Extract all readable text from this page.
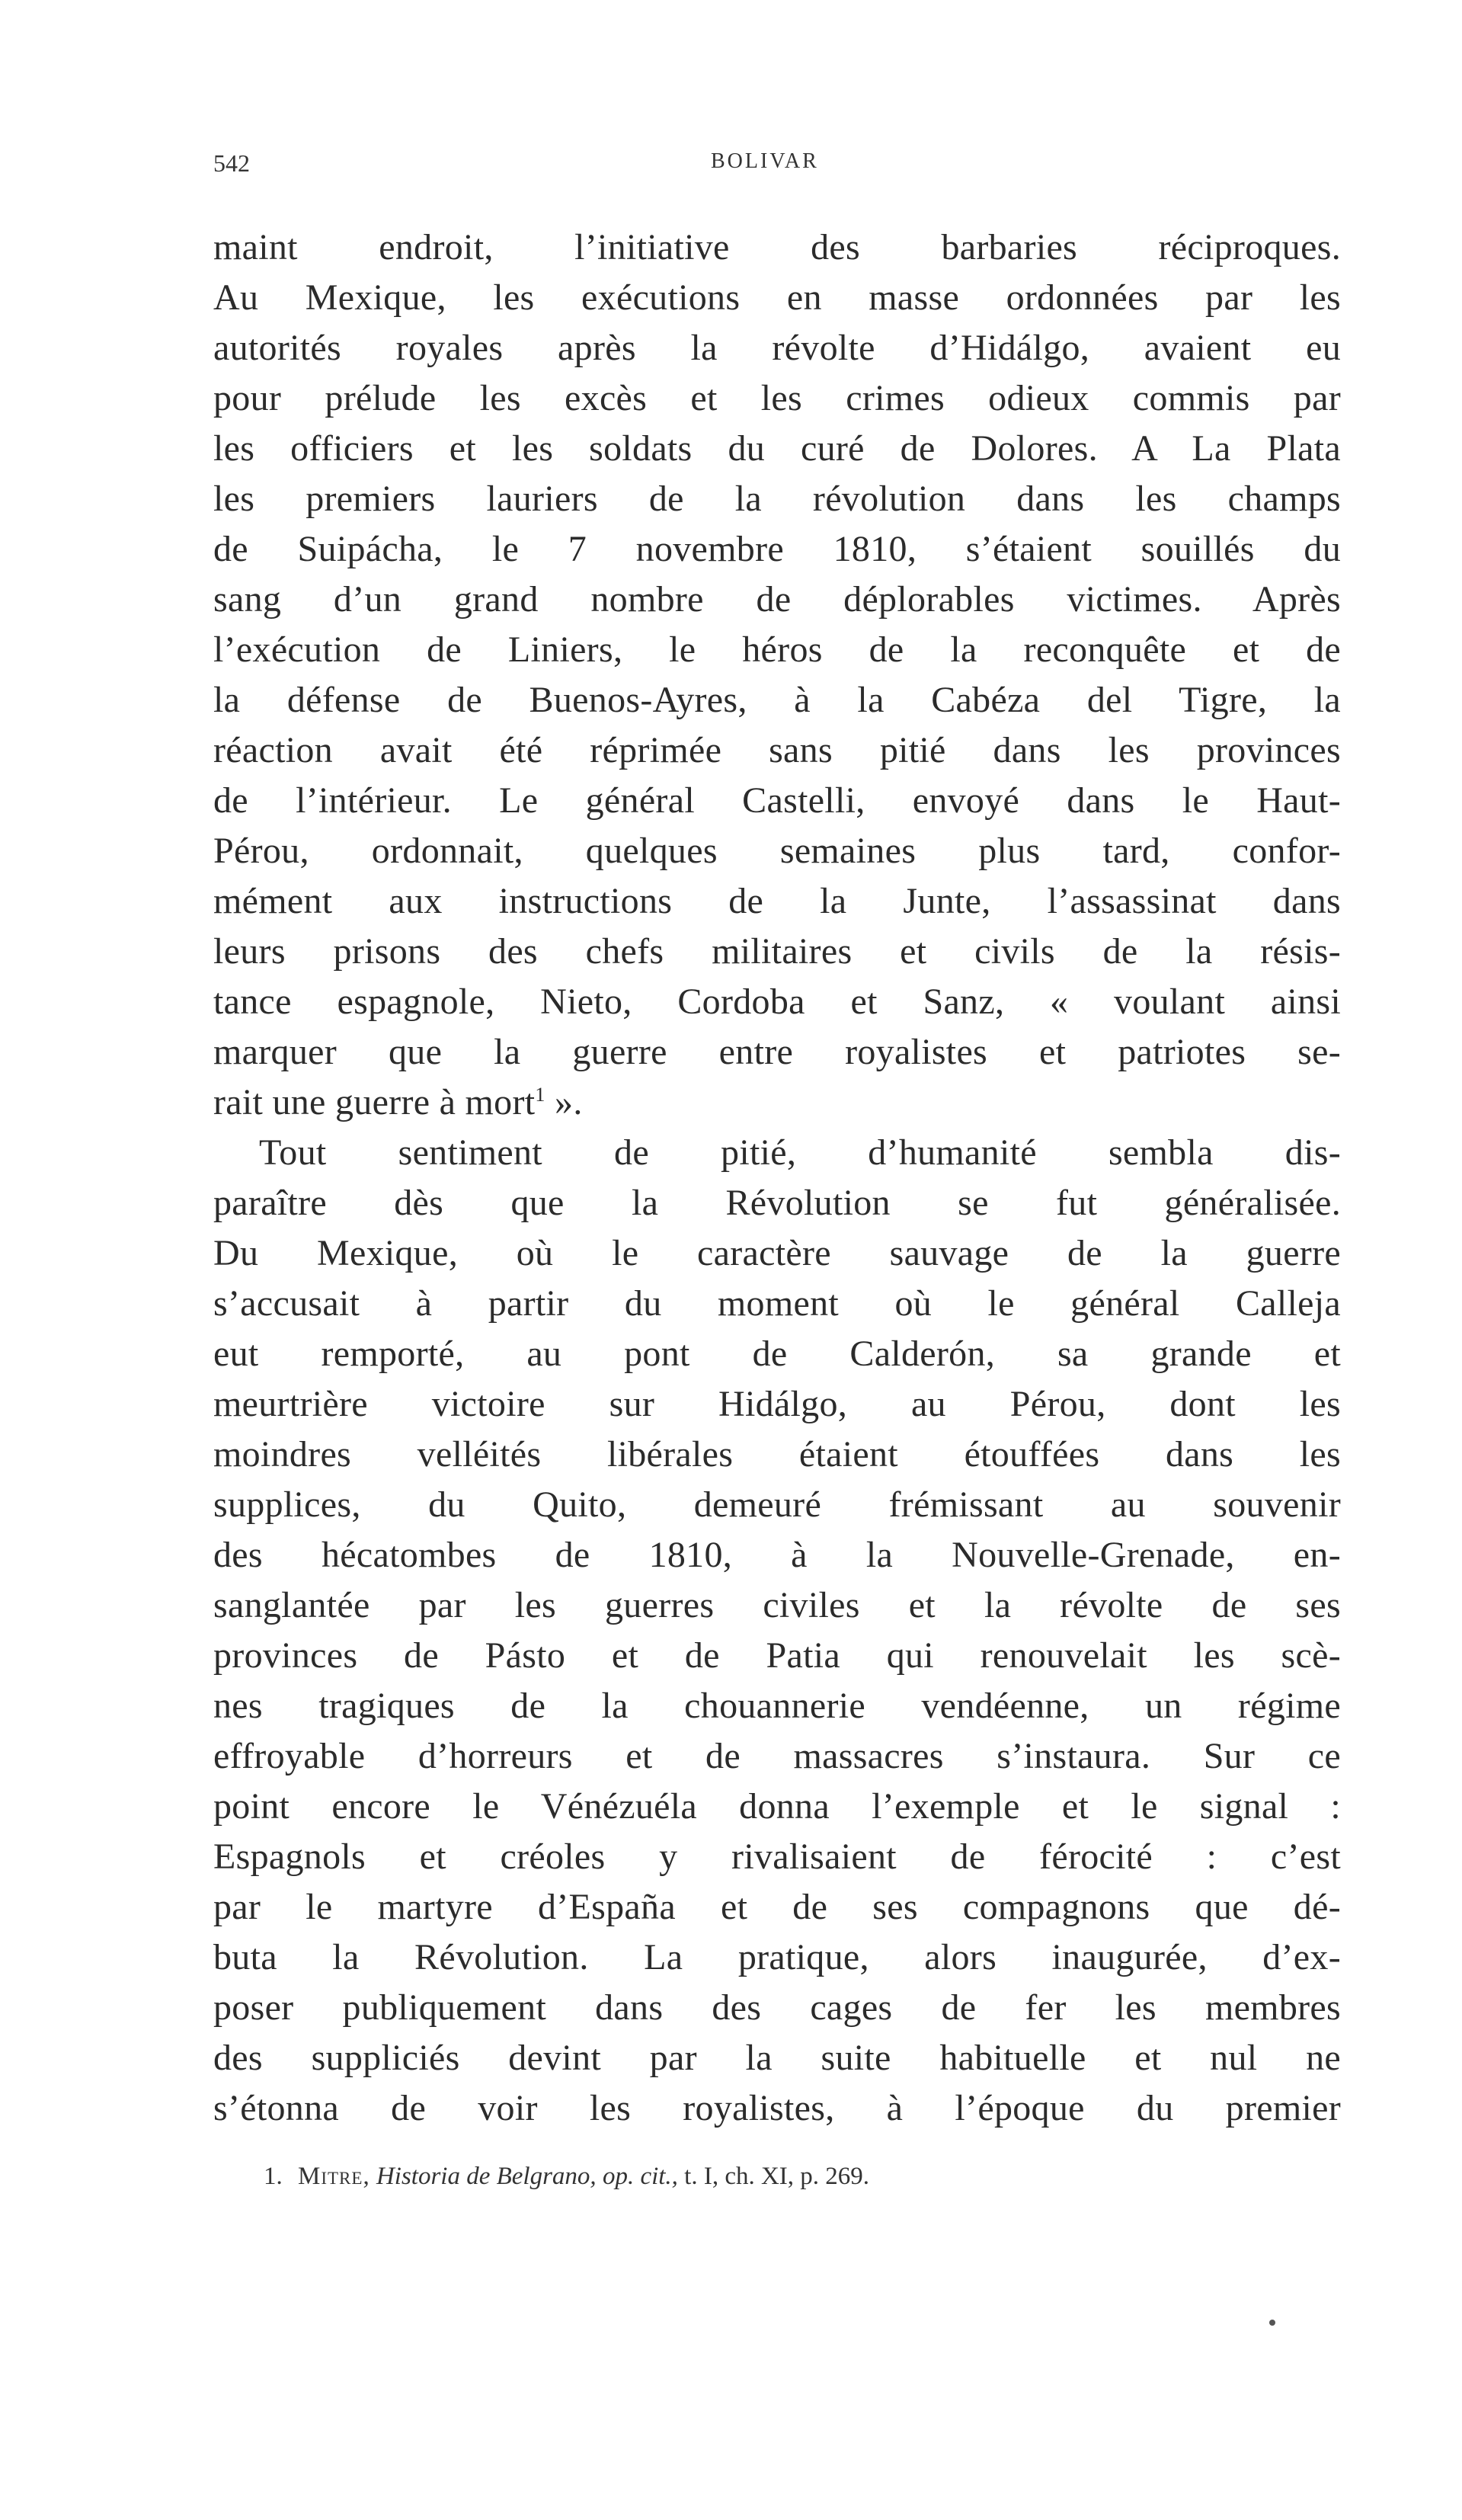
542	BOLIVAR
maint endroit, l’initiative des barbaries réciproques.
Au Mexique, les exécutions en masse ordonnées par les
autorités royales après la révolte d’Hidálgo, avaient eu
pour prélude les excès et les crimes odieux commis par
les officiers et les soldats du curé de Dolores. A La Plata
les premiers lauriers de la révolution dans les champs
de Suipácha, le 7 novembre 1810, s’étaient souillés du
sang d’un grand nombre de déplorables victimes. Après
l’exécution de Liniers, le héros de la reconquête et de
la défense de Buenos-Ayres, à la Cabéza del Tigre, la
réaction avait été réprimée sans pitié dans les provinces
de l’intérieur. Le général Castelli, envoyé dans le Haut-
Pérou, ordonnait, quelques semaines plus tard, confor-
mément aux instructions de la Junte, l’assassinat dans
leurs prisons des chefs militaires et civils de la résis-
tance espagnole, Nieto, Cordoba et Sanz, « voulant ainsi
marquer que la guerre entre royalistes et patriotes se-
rait une guerre à mort$^1$ ».
Tout sentiment de pitié, d’humanité sembla dis-
paraître dès que la Révolution se fut généralisée.
Du Mexique, où le caractère sauvage de la guerre
s’accusait à partir du moment où le général Calleja
eut remporté, au pont de Calderón, sa grande et
meurtrière victoire sur Hidálgo, au Pérou, dont les
moindres velléités libérales étaient étouffées dans les
supplices, du Quito, demeuré frémissant au souvenir
des hécatombes de 1810, à la Nouvelle-Grenade, en-
sanglantée par les guerres civiles et la révolte de ses
provinces de Pásto et de Patia qui renouvelait les scè-
nes tragiques de la chouannerie vendéenne, un régime
effroyable d’horreurs et de massacres s’instaura. Sur ce
point encore le Vénézuéla donna l’exemple et le signal :
Espagnols et créoles y rivalisaient de férocité : c’est
par le martyre d’España et de ses compagnons que dé-
buta la Révolution. La pratique, alors inaugurée, d’ex-
poser publiquement dans des cages de fer les membres
des suppliciés devint par la suite habituelle et nul ne
s’étonna de voir les royalistes, à l’époque du premier
1. Mitre, Historia de Belgrano, op. cit., t. I, ch. XI, p. 269.
